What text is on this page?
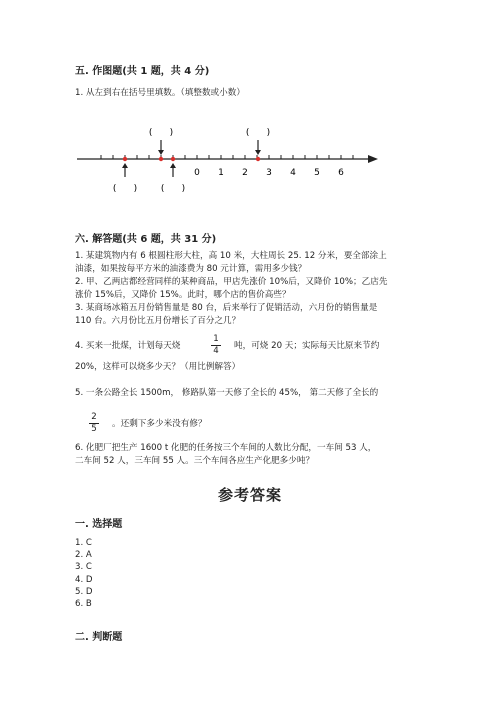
五. 作图题(共 1 题，共 4 分)
1. 从左到右在括号里填数。（填整数或小数）
0 1 2 3 4 5 6
(      )	(      )
(      )	(      )
六. 解答题(共 6 题，共 31 分)
1. 某建筑物内有 6 根圆柱形大柱，高 10 米，大柱周长 25. 12 分米，要全部涂上
油漆，如果按每平方米的油漆费为 80 元计算，需用多少钱？
2. 甲、乙两店都经营同样的某种商品，甲店先涨价 10%后，又降价 10%；乙店先
涨价 15%后，又降价 15%。此时，哪个店的售价高些？
3. 某商场冰箱五月份销售量是 80 台，后来举行了促销活动，六月份的销售量是
110 台。六月份比五月份增长了百分之几？
4. 买来一批煤，计划每天烧
1
4	吨，可烧 20 天；实际每天比原来节约
20%，这样可以烧多少天？（用比例解答）
5. 一条公路全长 1500m， 修路队第一天修了全长的 45%， 第二天修了全长的
2
5	。还剩下多少米没有修？
6. 化肥厂把生产 1600 t 化肥的任务按三个车间的人数比分配，一车间 53 人，
二车间 52 人，三车间 55 人。三个车间各应生产化肥多少吨？
参考答案
一. 选择题
1. C
2. A
3. C
4. D
5. D
6. B
二. 判断题
